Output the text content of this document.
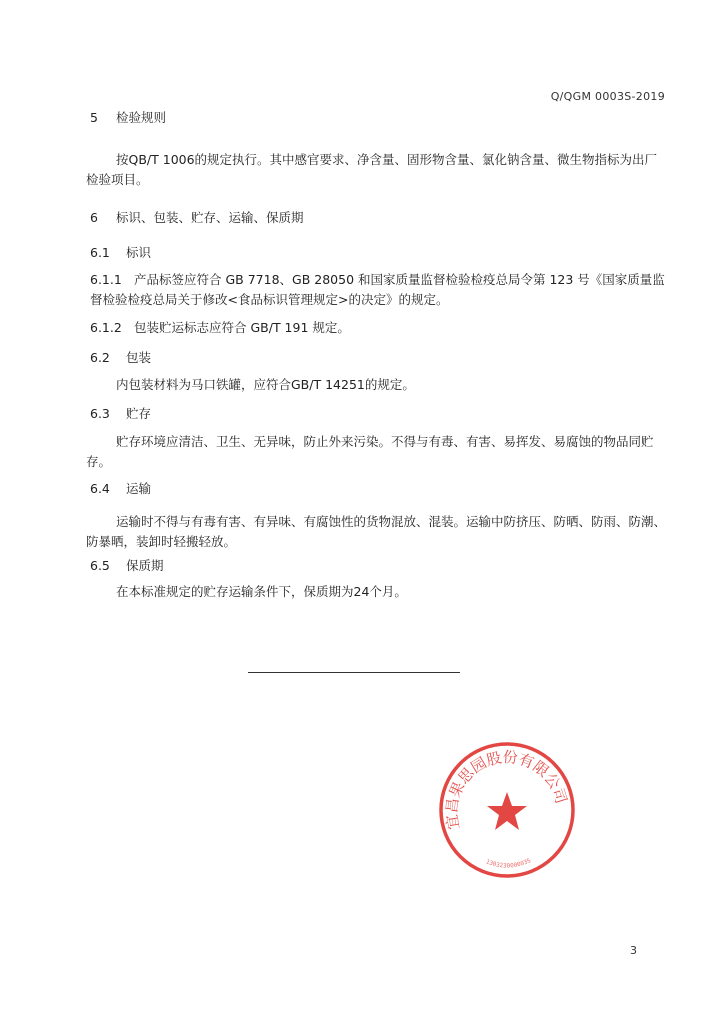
Q/QGM 0003S-2019
5 检验规则
按QB/T 1006的规定执行。其中感官要求、净含量、固形物含量、氯化钠含量、微生物指标为出厂检验项目。
6 标识、包装、贮存、运输、保质期
6.1 标识
6.1.1 产品标签应符合 GB 7718、GB 28050 和国家质量监督检验检疫总局令第 123 号《国家质量监督检验检疫总局关于修改<食品标识管理规定>的决定》的规定。
6.1.2 包装贮运标志应符合 GB/T 191 规定。
6.2 包装
内包装材料为马口铁罐，应符合GB/T 14251的规定。
6.3 贮存
贮存环境应清洁、卫生、无异味，防止外来污染。不得与有毒、有害、易挥发、易腐蚀的物品同贮存。
6.4 运输
运输时不得与有毒有害、有异味、有腐蚀性的货物混放、混装。运输中防挤压、防晒、防雨、防潮、防暴晒，装卸时轻搬轻放。
6.5 保质期
在本标准规定的贮存运输条件下，保质期为24个月。
宜昌果思园股份有限公司
1303230000035
3
